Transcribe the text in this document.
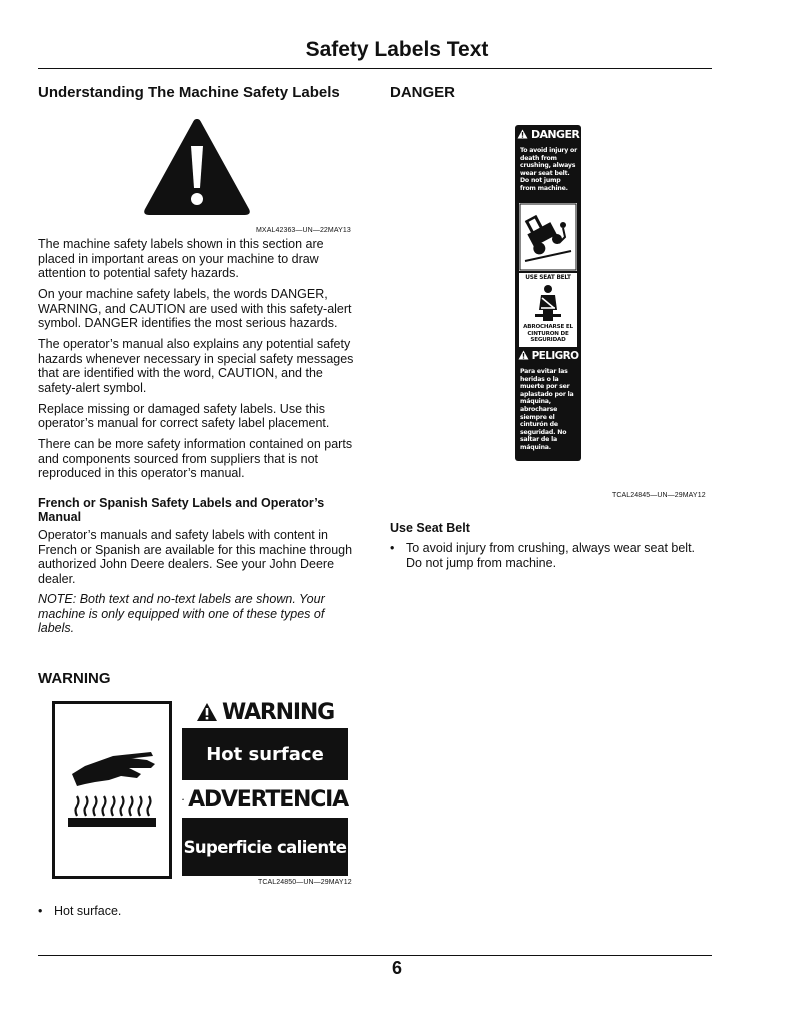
Safety Labels Text
Understanding The Machine Safety Labels
MXAL42363—UN—22MAY13

The machine safety labels shown in this section are placed in important areas on your machine to draw attention to potential safety hazards.

On your machine safety labels, the words DANGER, WARNING, and CAUTION are used with this safety-alert symbol. DANGER identifies the most serious hazards.

The operator’s manual also explains any potential safety hazards whenever necessary in special safety messages that are identified with the word, CAUTION, and the safety-alert symbol.

Replace missing or damaged safety labels. Use this operator’s manual for correct safety label placement.

There can be more safety information contained on parts and components sourced from suppliers that is not reproduced in this operator’s manual.

French or Spanish Safety Labels and Operator’s Manual

Operator’s manuals and safety labels with content in French or Spanish are available for this machine through authorized John Deere dealers. See your John Deere dealer.

NOTE: Both text and no-text labels are shown. Your machine is only equipped with one of these types of labels.
WARNING
WARNING
Hot surface
ADVERTENCIA
Superficie caliente
TCAL24850—UN—29MAY12
• Hot surface.
DANGER
DANGER
To avoid injury or death from crushing, always wear seat belt. Do not jump from machine.
USE SEAT BELT
ABROCHARSE EL CINTURON DE SEGURIDAD
PELIGRO
Para evitar las heridas o la muerte por ser aplastado por la máquina, abrocharse siempre el cinturón de seguridad. No saltar de la máquina.
TCAL24845—UN—29MAY12
Use Seat Belt
• To avoid injury from crushing, always wear seat belt. Do not jump from machine.
6
